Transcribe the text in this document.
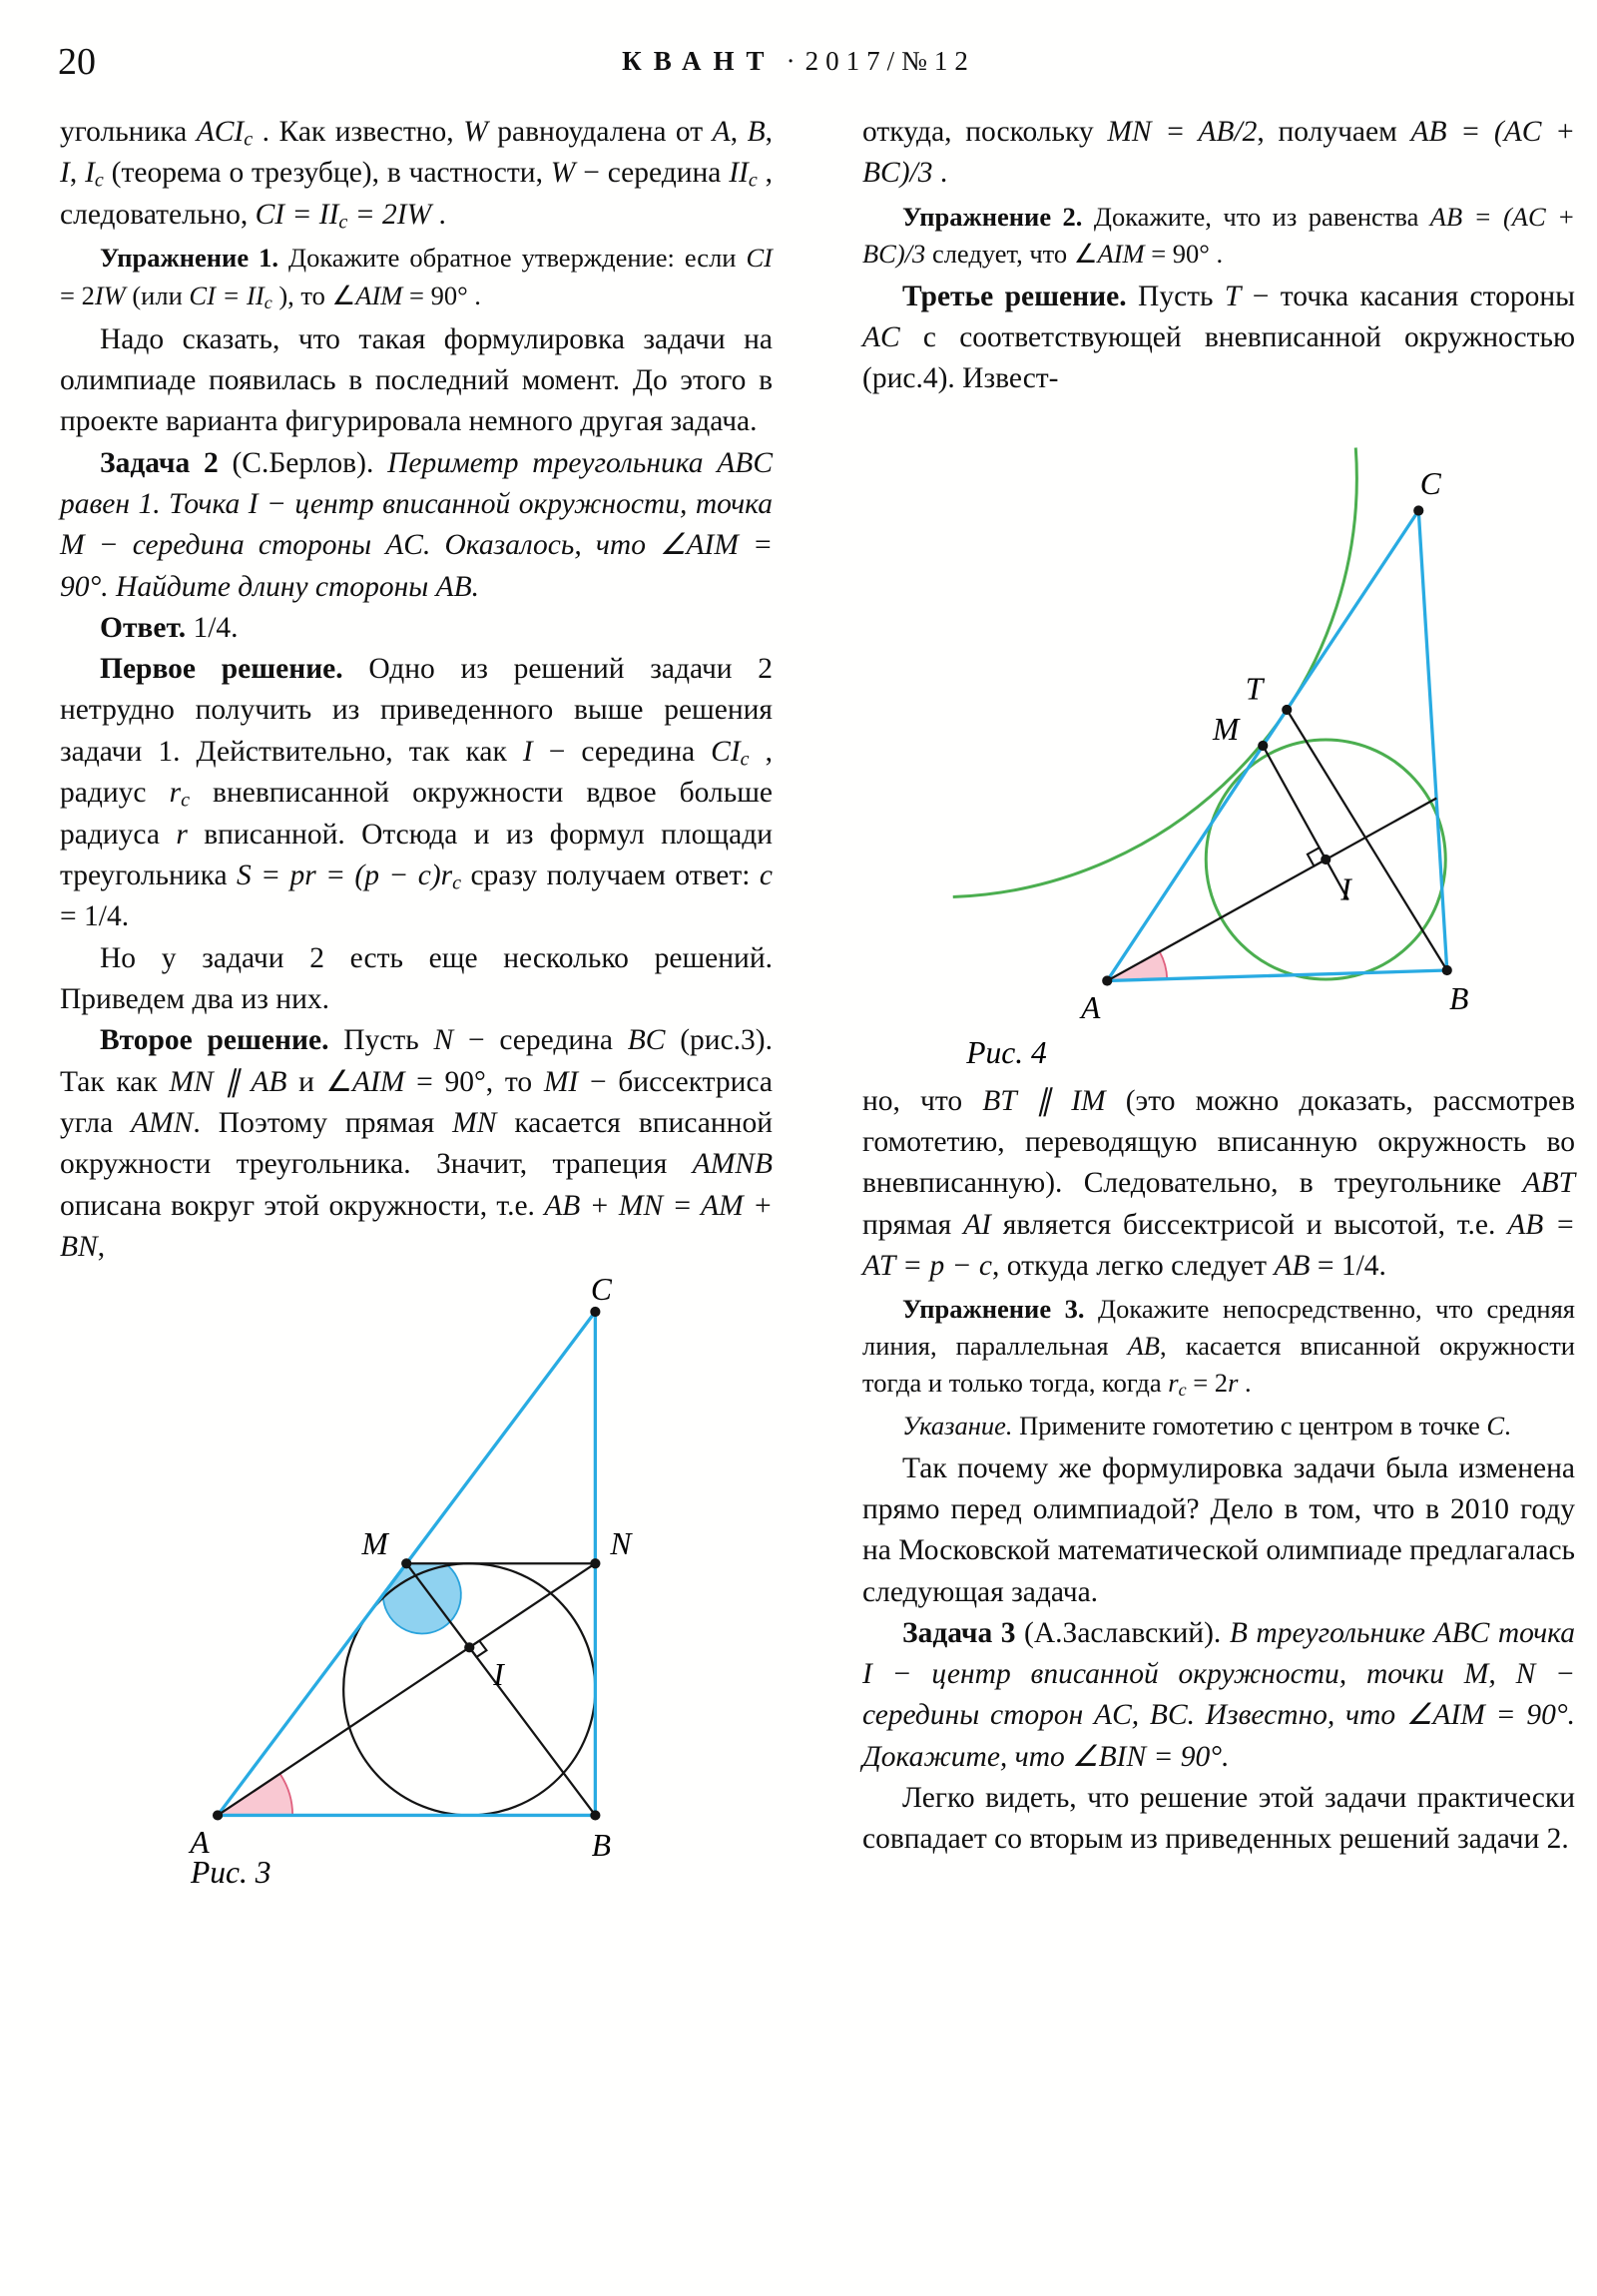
20	КВАНТ · 2017/№12

угольника ACIc . Как известно, W равноудалена от A, B, I, Ic (теорема о трезубце), в частности, W − середина IIc , следовательно, CI = IIc = 2IW .

Упражнение 1. Докажите обратное утверждение: если CI = 2IW (или CI = IIc ), то ∠AIM = 90° .

Надо сказать, что такая формулировка задачи на олимпиаде появилась в последний момент. До этого в проекте варианта фигурировала немного другая задача.

Задача 2 (С.Берлов). Периметр треугольника ABC равен 1. Точка I − центр вписанной окружности, точка M − середина стороны AC. Оказалось, что ∠AIM = 90°. Найдите длину стороны AB.

Ответ. 1/4.

Первое решение. Одно из решений задачи 2 нетрудно получить из приведенного выше решения задачи 1. Действительно, так как I − середина CIc , радиус rc вневписанной окружности вдвое больше радиуса r вписанной. Отсюда и из формул площади треугольника S = pr = (p − c)rc сразу получаем ответ: c = 1/4.

Но у задачи 2 есть еще несколько решений. Приведем два из них.

Второе решение. Пусть N − середина BC (рис.3). Так как MN ∥ AB и ∠AIM = 90°, то MI − биссектриса угла AMN. Поэтому прямая MN касается вписанной окружности треугольника. Значит, трапеция AMNB описана вокруг этой окружности, т.е. AB + MN = AM + BN,

C
A	B
M	N
I
Рис. 3

откуда, поскольку MN = AB/2, получаем AB = (AC + BC)/3 .

Упражнение 2. Докажите, что из равенства AB = (AC + BC)/3 следует, что ∠AIM = 90° .

Третье решение. Пусть T − точка касания стороны AC с соответствующей вневписанной окружностью (рис.4). Извест-

C
T
M
I
A	B
Рис. 4

но, что BT ∥ IM (это можно доказать, рассмотрев гомотетию, переводящую вписанную окружность во вневписанную). Следовательно, в треугольнике ABT прямая AI является биссектрисой и высотой, т.е. AB = AT = p − c, откуда легко следует AB = 1/4.

Упражнение 3. Докажите непосредственно, что средняя линия, параллельная AB, касается вписанной окружности тогда и только тогда, когда rc = 2r .

Указание. Примените гомотетию с центром в точке C.

Так почему же формулировка задачи была изменена прямо перед олимпиадой? Дело в том, что в 2010 году на Московской математической олимпиаде предлагалась следующая задача.

Задача 3 (А.Заславский). В треугольнике ABC точка I − центр вписанной окружности, точки M, N − середины сторон AC, BC. Известно, что ∠AIM = 90°. Докажите, что ∠BIN = 90°.

Легко видеть, что решение этой задачи практически совпадает со вторым из приведенных решений задачи 2.
